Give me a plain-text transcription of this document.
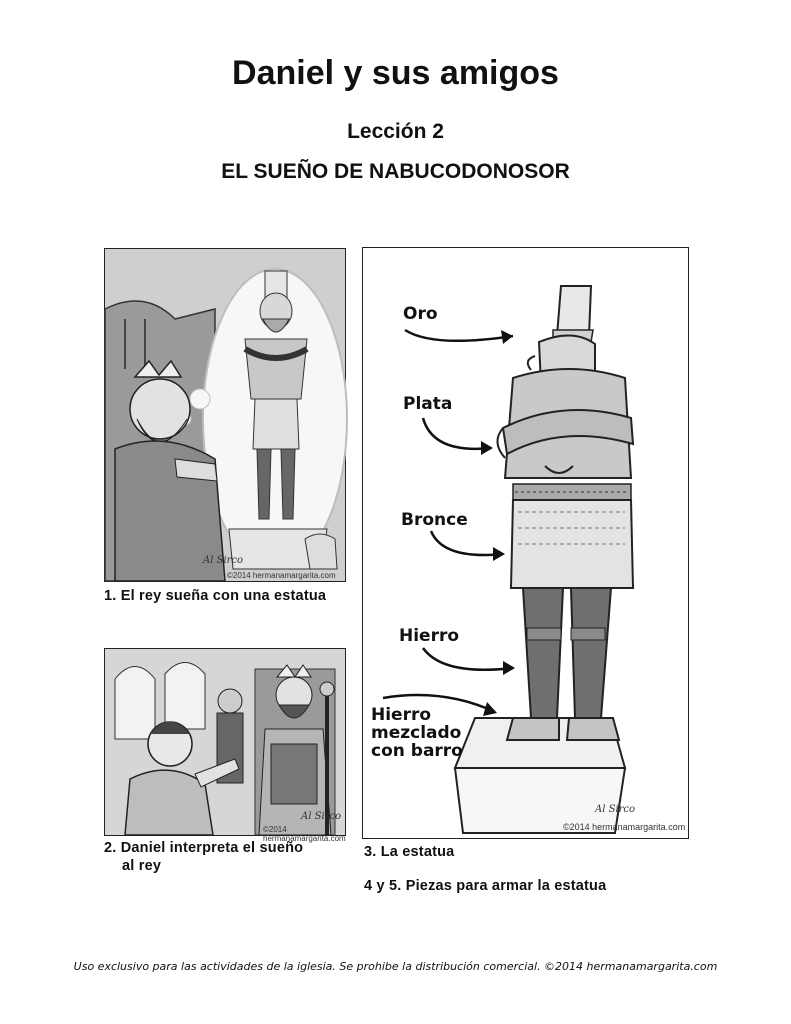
Daniel y sus amigos
Lección 2
EL SUEÑO DE NABUCODONOSOR
Al Sirco
©2014 hermanamargarita.com
1. El rey sueña con una estatua
Al Sirco
©2014 hermanamargarita.com
2. Daniel interpreta el sueño
al rey
Oro
Plata
Bronce
Hierro
Hierro
mezclado
con barro
Al Sirco
©2014 hermanamargarita.com
3. La estatua
4 y 5. Piezas para armar la estatua
Uso exclusivo para las actividades de la iglesia. Se prohibe la distribución comercial. ©2014 hermanamargarita.com
